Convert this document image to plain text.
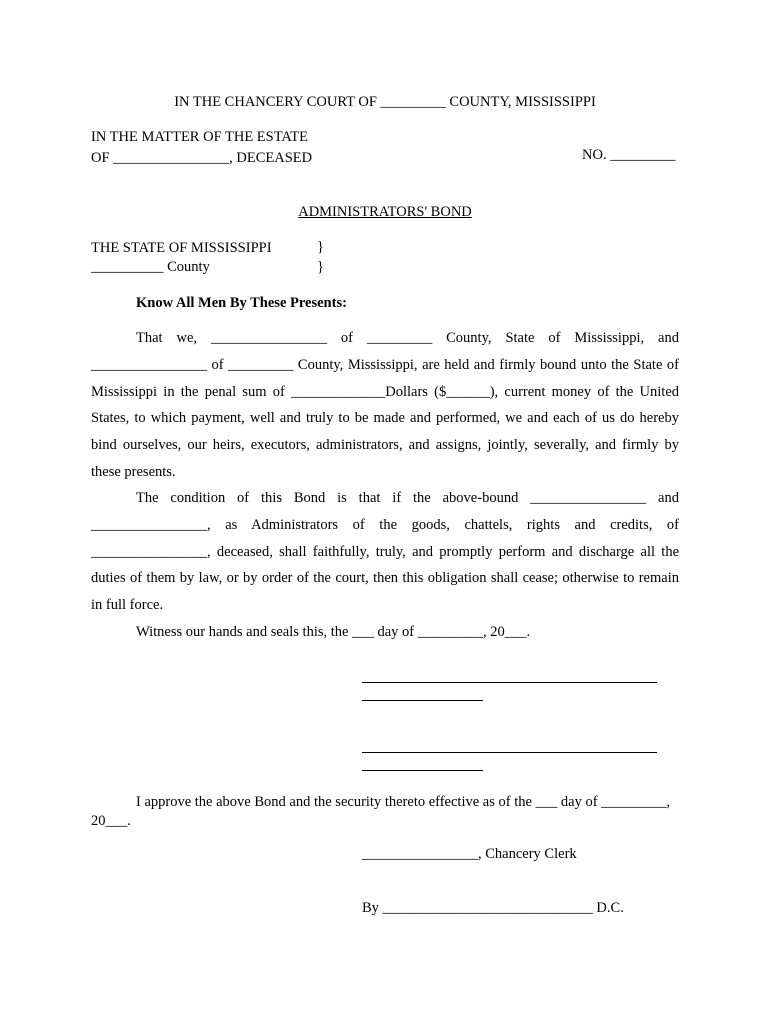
IN THE CHANCERY COURT OF _________ COUNTY, MISSISSIPPI
IN THE MATTER OF THE ESTATE
OF ________________, DECEASED	NO. _________
ADMINISTRATORS' BOND
THE STATE OF MISSISSIPPI
__________ County
}
}
Know All Men By These Presents:
That we, ________________ of _________ County, State of Mississippi, and ________________ of _________ County, Mississippi, are held and firmly bound unto the State of Mississippi in the penal sum of _____________Dollars ($______), current money of the United States, to which payment, well and truly to be made and performed, we and each of us do hereby bind ourselves, our heirs, executors, administrators, and assigns, jointly, severally, and firmly by these presents.
The condition of this Bond is that if the above-bound ________________ and ________________, as Administrators of the goods, chattels, rights and credits, of ________________, deceased, shall faithfully, truly, and promptly perform and discharge all the duties of them by law, or by order of the court, then this obligation shall cease; otherwise to remain in full force.
Witness our hands and seals this, the ___ day of _________, 20___.
I approve the above Bond and the security thereto effective as of the ___ day of _________, 20___.
________________, Chancery Clerk
By _____________________________ D.C.
